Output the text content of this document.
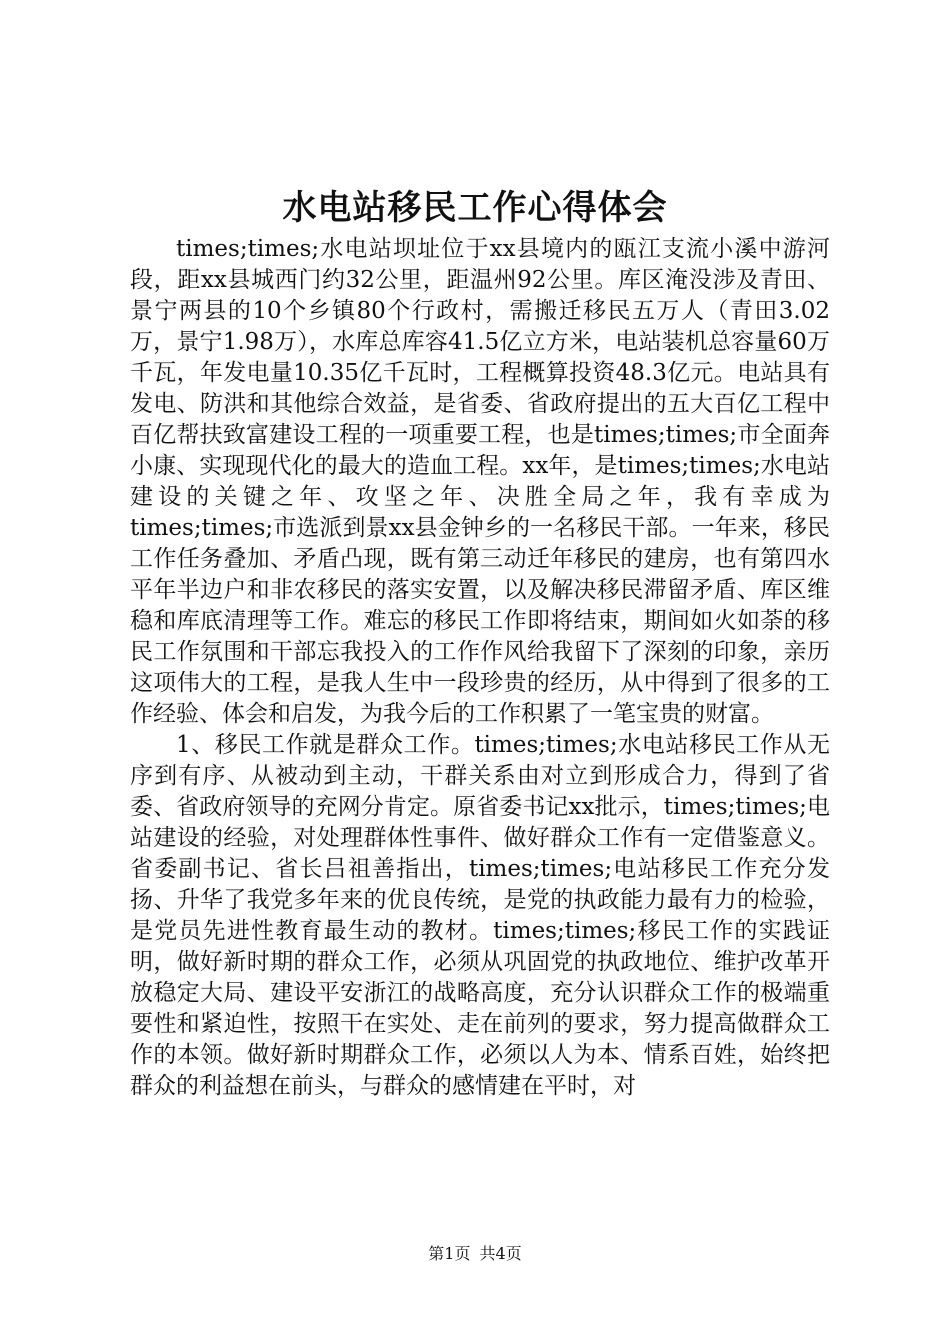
水电站移民工作心得体会

times;times;水电站坝址位于xx县境内的瓯江支流小溪中游河段，距xx县城西门约32公里，距温州92公里。库区淹没涉及青田、景宁两县的10个乡镇80个行政村，需搬迁移民五万人（青田3.02万，景宁1.98万），水库总库容41.5亿立方米，电站装机总容量60万千瓦，年发电量10.35亿千瓦时，工程概算投资48.3亿元。电站具有发电、防洪和其他综合效益，是省委、省政府提出的五大百亿工程中百亿帮扶致富建设工程的一项重要工程，也是times;times;市全面奔小康、实现现代化的最大的造血工程。xx年，是times;times;水电站建设的关键之年、攻坚之年、决胜全局之年，我有幸成为times;times;市选派到景xx县金钟乡的一名移民干部。一年来，移民工作任务叠加、矛盾凸现，既有第三动迁年移民的建房，也有第四水平年半边户和非农移民的落实安置，以及解决移民滞留矛盾、库区维稳和库底清理等工作。难忘的移民工作即将结束，期间如火如荼的移民工作氛围和干部忘我投入的工作作风给我留下了深刻的印象，亲历这项伟大的工程，是我人生中一段珍贵的经历，从中得到了很多的工作经验、体会和启发，为我今后的工作积累了一笔宝贵的财富。

1、移民工作就是群众工作。times;times;水电站移民工作从无序到有序、从被动到主动，干群关系由对立到形成合力，得到了省委、省政府领导的充网分肯定。原省委书记xx批示，times;times;电站建设的经验，对处理群体性事件、做好群众工作有一定借鉴意义。省委副书记、省长吕祖善指出，times;times;电站移民工作充分发扬、升华了我党多年来的优良传统，是党的执政能力最有力的检验，是党员先进性教育最生动的教材。times;times;移民工作的实践证明，做好新时期的群众工作，必须从巩固党的执政地位、维护改革开放稳定大局、建设平安浙江的战略高度，充分认识群众工作的极端重要性和紧迫性，按照干在实处、走在前列的要求，努力提高做群众工作的本领。做好新时期群众工作，必须以人为本、情系百姓，始终把群众的利益想在前头，与群众的感情建在平时，对

第1页 共4页
